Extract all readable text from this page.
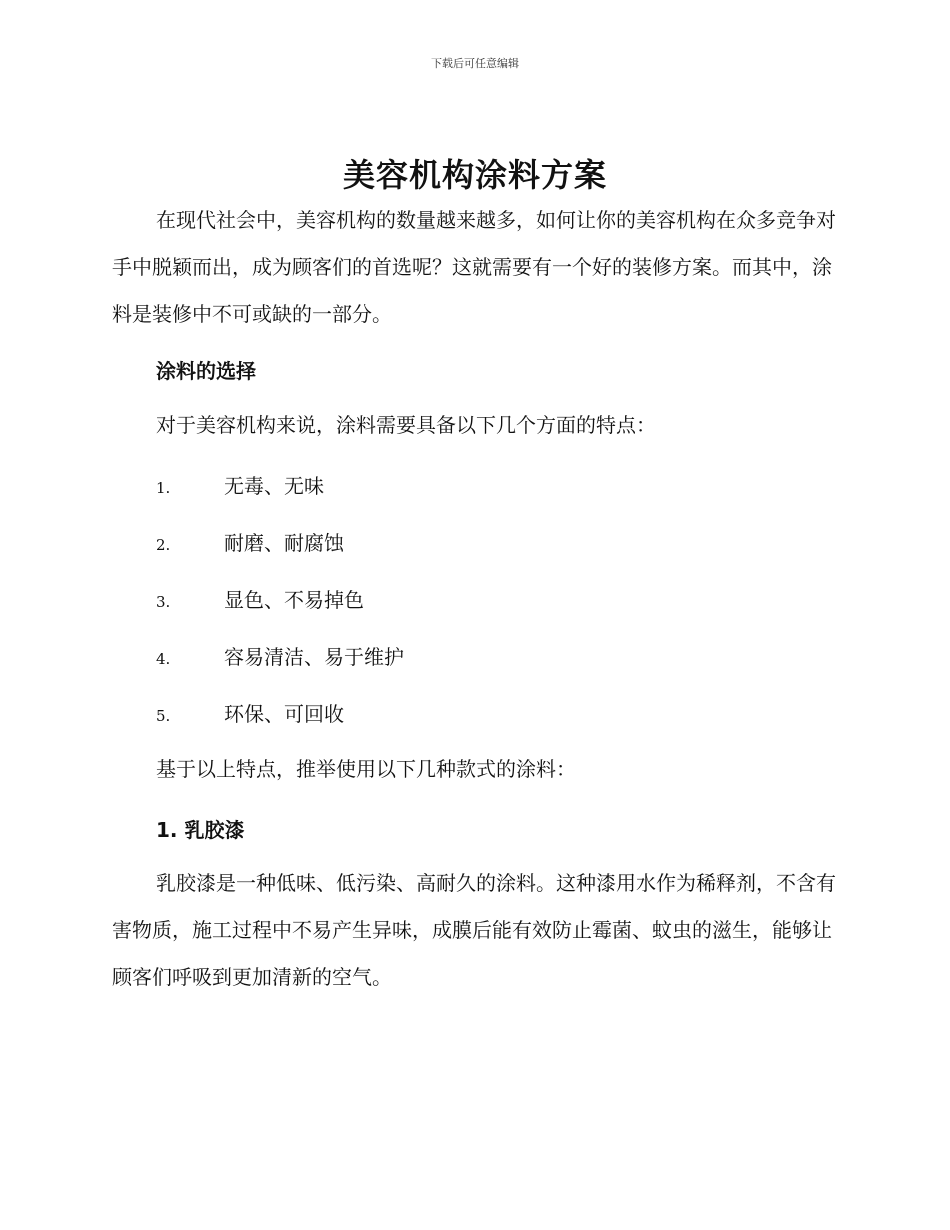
下载后可任意编辑
美容机构涂料方案

在现代社会中，美容机构的数量越来越多，如何让你的美容机构在众多竞争对手中脱颖而出，成为顾客们的首选呢？这就需要有一个好的装修方案。而其中，涂料是装修中不可或缺的一部分。

涂料的选择

对于美容机构来说，涂料需要具备以下几个方面的特点：

1.	无毒、无味
2.	耐磨、耐腐蚀
3.	显色、不易掉色
4.	容易清洁、易于维护
5.	环保、可回收

基于以上特点，推举使用以下几种款式的涂料：

1. 乳胶漆

乳胶漆是一种低味、低污染、高耐久的涂料。这种漆用水作为稀释剂，不含有害物质，施工过程中不易产生异味，成膜后能有效防止霉菌、蚊虫的滋生，能够让顾客们呼吸到更加清新的空气。
